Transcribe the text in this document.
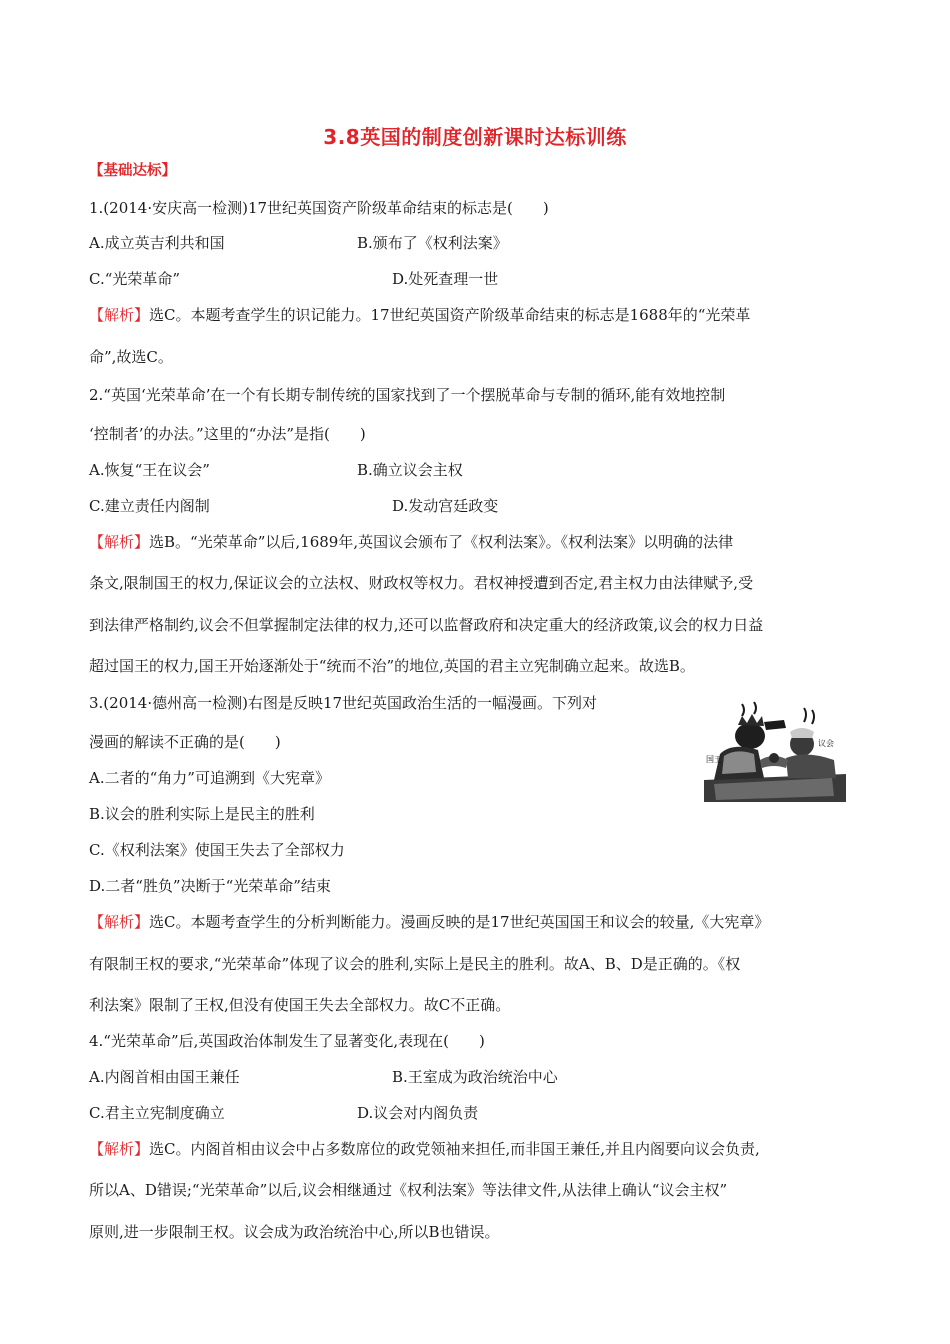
3.8英国的制度创新课时达标训练
【基础达标】
1.(2014·安庆高一检测)17世纪英国资产阶级革命结束的标志是(　　)
A.成立英吉利共和国	B.颁布了《权利法案》
C.“光荣革命”	D.处死查理一世
【解析】选C。本题考查学生的识记能力。17世纪英国资产阶级革命结束的标志是1688年的“光荣革
命”,故选C。
2.“英国‘光荣革命’在一个有长期专制传统的国家找到了一个摆脱革命与专制的循环,能有效地控制
‘控制者’的办法。”这里的“办法”是指(　　)
A.恢复“王在议会”	B.确立议会主权
C.建立责任内阁制	D.发动宫廷政变
【解析】选B。“光荣革命”以后,1689年,英国议会颁布了《权利法案》。《权利法案》以明确的法律
条文,限制国王的权力,保证议会的立法权、财政权等权力。君权神授遭到否定,君主权力由法律赋予,受
到法律严格制约,议会不但掌握制定法律的权力,还可以监督政府和决定重大的经济政策,议会的权力日益
超过国王的权力,国王开始逐渐处于“统而不治”的地位,英国的君主立宪制确立起来。故选B。
3.(2014·德州高一检测)右图是反映17世纪英国政治生活的一幅漫画。下列对
漫画的解读不正确的是(　　)
A.二者的“角力”可追溯到《大宪章》
B.议会的胜利实际上是民主的胜利
C.《权利法案》使国王失去了全部权力
D.二者“胜负”决断于“光荣革命”结束
【解析】选C。本题考查学生的分析判断能力。漫画反映的是17世纪英国国王和议会的较量,《大宪章》
有限制王权的要求,“光荣革命”体现了议会的胜利,实际上是民主的胜利。故A、B、D是正确的。《权
利法案》限制了王权,但没有使国王失去全部权力。故C不正确。
国王
议会
4.“光荣革命”后,英国政治体制发生了显著变化,表现在(　　)
A.内阁首相由国王兼任	B.王室成为政治统治中心
C.君主立宪制度确立	D.议会对内阁负责
【解析】选C。内阁首相由议会中占多数席位的政党领袖来担任,而非国王兼任,并且内阁要向议会负责,
所以A、D错误;“光荣革命”以后,议会相继通过《权利法案》等法律文件,从法律上确认“议会主权”
原则,进一步限制王权。议会成为政治统治中心,所以B也错误。
